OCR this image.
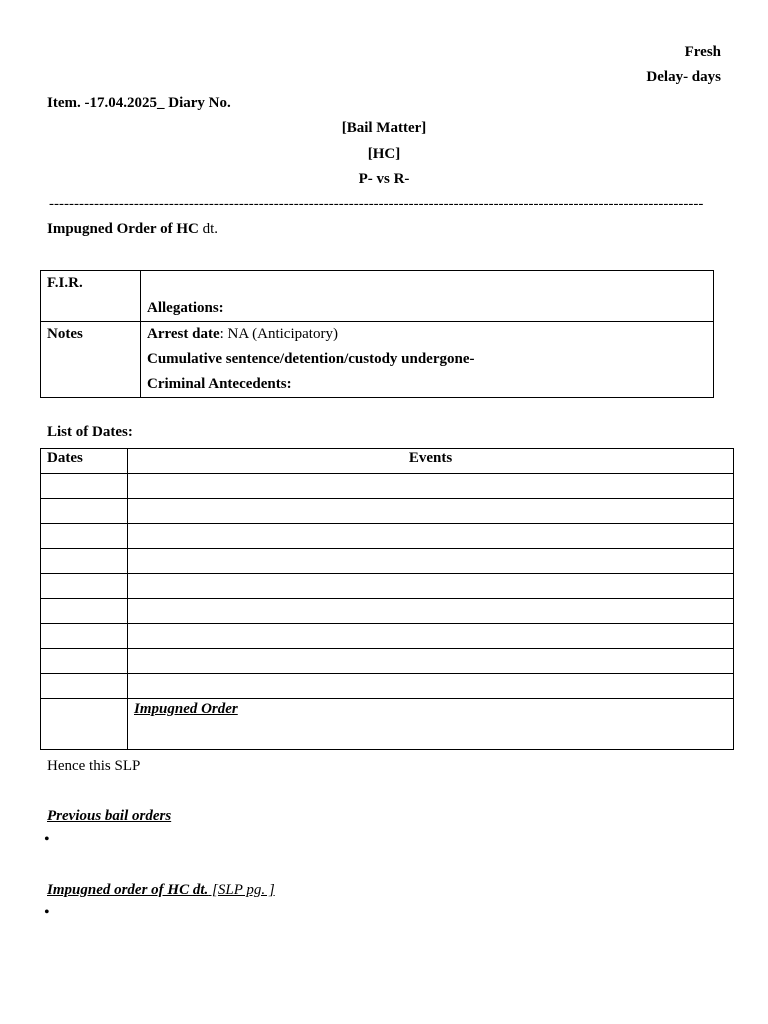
Fresh
Delay- days
Item. -17.04.2025_ Diary No.
[Bail Matter]
[HC]
P- vs R-
-----------------------------------------------------------------------------------------------------------------------------------
Impugned Order of HC dt.
F.I.R.	Allegations:
Notes	Arrest date: NA (Anticipatory)
Cumulative sentence/detention/custody undergone-
Criminal Antecedents:
List of Dates:
Dates	Events

	Impugned Order
Hence this SLP
Previous bail orders
•
Impugned order of HC dt. [SLP pg. ]
•
